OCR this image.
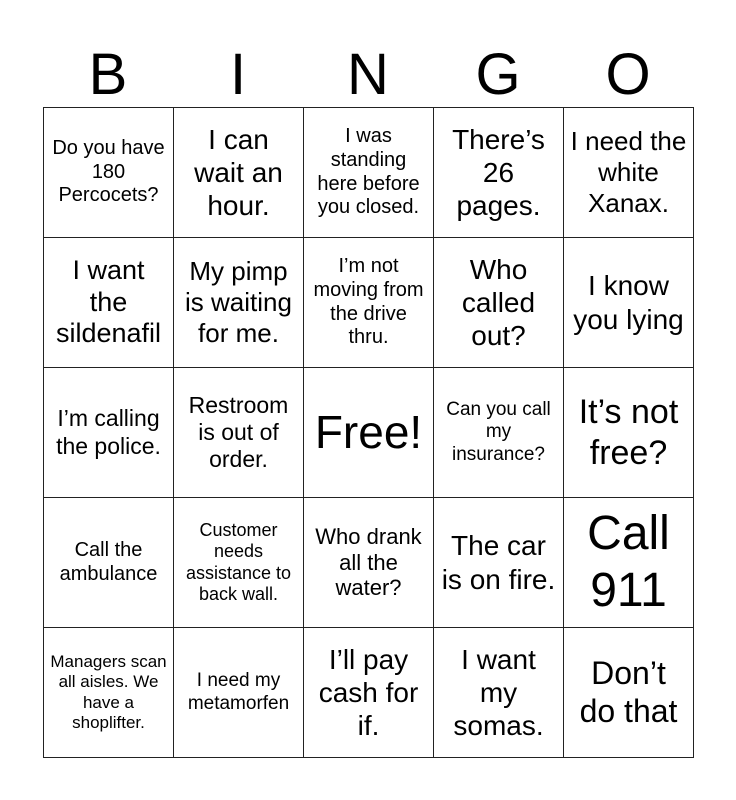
B	I	N	G	O
Do you have 180 Percocets?	I can wait an hour.	I was standing here before you closed.	There’s 26 pages.	I need the white Xanax.
I want the sildenafil	My pimp is waiting for me.	I’m not moving from the drive thru.	Who called out?	I know you lying
I’m calling the police.	Restroom is out of order.	Free!	Can you call my insurance?	It’s not free?
Call the ambulance	Customer needs assistance to back wall.	Who drank all the water?	The car is on fire.	Call 911
Managers scan all aisles. We have a shoplifter.	I need my metamorfen	I’ll pay cash for if.	I want my somas.	Don’t do that
